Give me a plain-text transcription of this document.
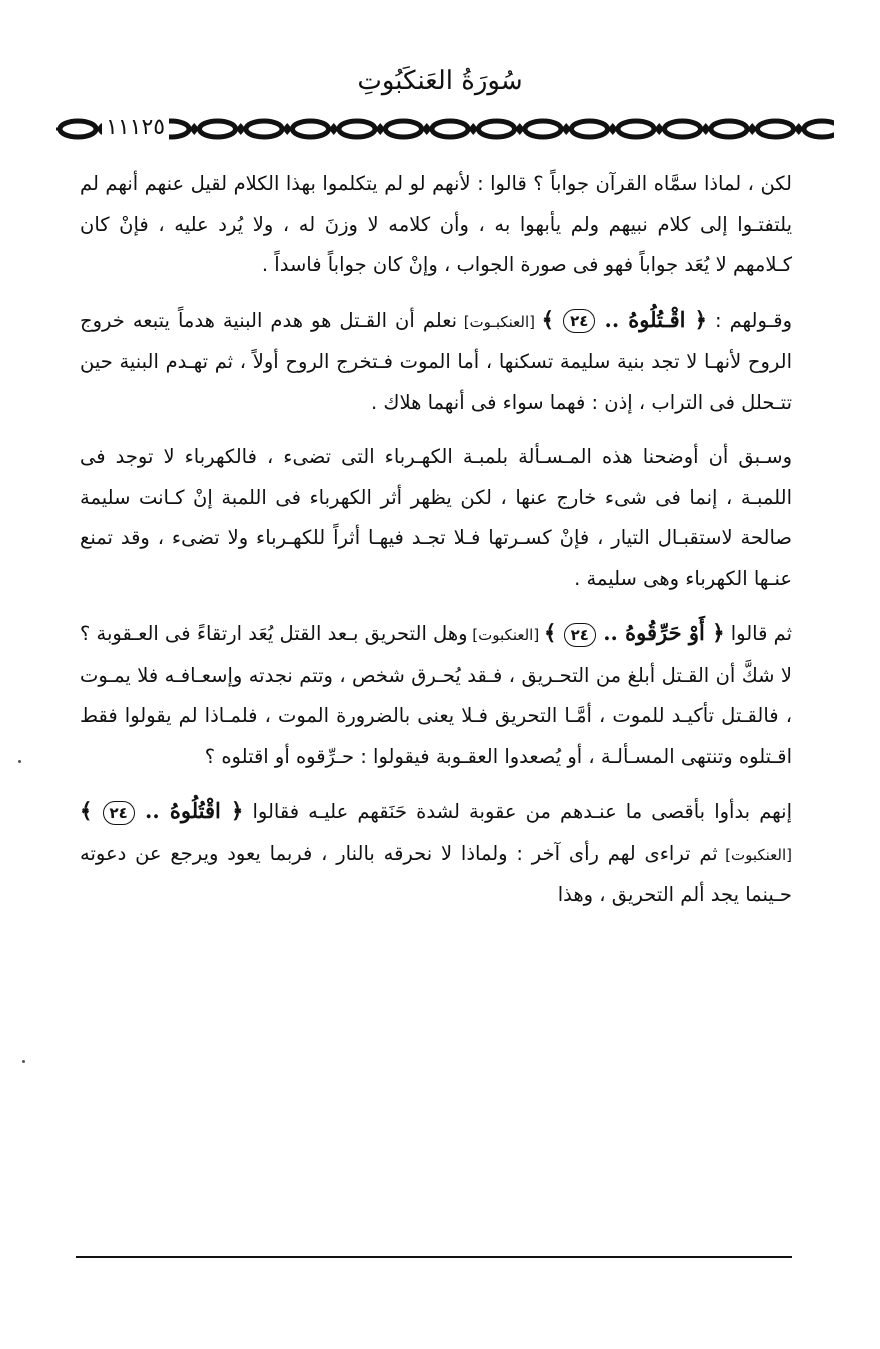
سُورَةُ العَنكَبُوتِ
١١١٢٥

لكن ، لماذا سمَّاه القرآن جواباً ؟ قالوا : لأنهم لو لم يتكلموا بهذا الكلام لقيل عنهم أنهم لم يلتفتـوا إلى كلام نبيهم ولم يأبهوا به ، وأن كلامه لا وزنَ له ، ولا يُرد عليه ، فإنْ كان كـلامهم لا يُعَد جواباً فهو فى صورة الجواب ، وإنْ كان جواباً فاسداً .

وقـولهم : ﴿ اقْـتُلُوهُ .. ٢٤ ﴾ [العنكبـوت] نعلم أن القـتل هو هدم البنية هدماً يتبعه خروج الروح لأنهـا لا تجد بنية سليمة تسكنها ، أما الموت فـتخرج الروح أولاً ، ثم تهـدم البنية حين تتـحلل فى التراب ، إذن : فهما سواء فى أنهما هلاك .

وسـبق أن أوضحنا هذه المـسـألة بلمبـة الكهـرباء التى تضىء ، فالكهرباء لا توجد فى اللمبـة ، إنما فى شىء خارج عنها ، لكن يظهر أثر الكهرباء فى اللمبة إنْ كـانت سليمة صالحة لاستقبـال التيار ، فإنْ كسـرتها فـلا تجـد فيهـا أثراً للكهـرباء ولا تضىء ، وقد تمنع عنـها الكهرباء وهى سليمة .

ثم قالوا ﴿ أَوْ حَرِّقُوهُ .. ٢٤ ﴾ [العنكبوت] وهل التحريق بـعد القتل يُعَد ارتقاءً فى العـقوبة ؟ لا شكَّ أن القـتل أبلغ من التحـريق ، فـقد يُحـرق شخص ، وتتم نجدته وإسعـافـه فلا يمـوت ، فالقـتل تأكيـد للموت ، أمَّـا التحريق فـلا يعنى بالضرورة الموت ، فلمـاذا لم يقولوا فقط اقـتلوه وتنتهى المسـألـة ، أو يُصعدوا العقـوبة فيقولوا : حـرِّقوه أو اقتلوه ؟

إنهم بدأوا بأقصى ما عنـدهم من عقوبة لشدة حَنَقهم عليـه فقالوا ﴿ اقْتُلُوهُ .. ٢٤ ﴾ [العنكبوت] ثم تراءى لهم رأى آخر : ولماذا لا نحرقه بالنار ، فربما يعود ويرجع عن دعوته حـينما يجد ألم التحريق ، وهذا
